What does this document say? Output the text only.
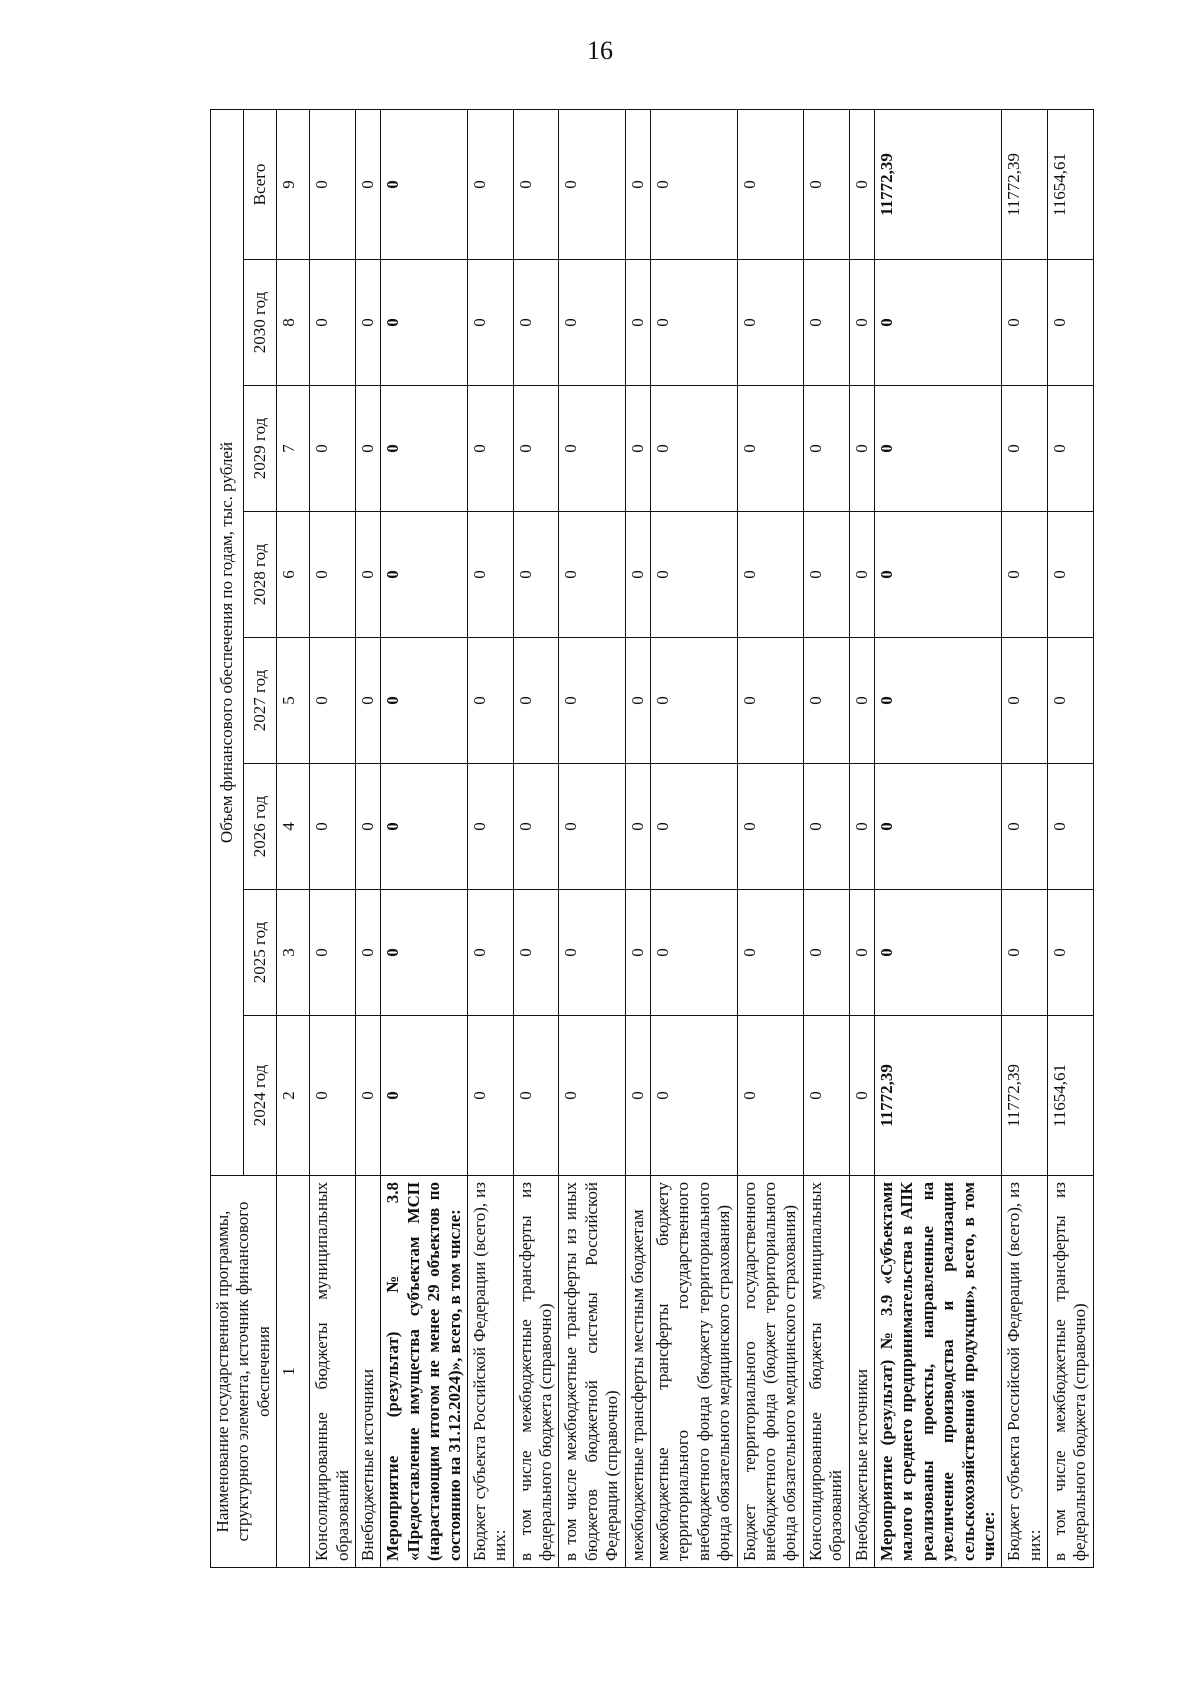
16
Наименование государственной программы, структурного элемента, источник финансового обеспечения	Объем финансового обеспечения по годам, тыс. рублей							
	2024 год	2025 год	2026 год	2027 год	2028 год	2029 год	2030 год	Всего
1	2	3	4	5	6	7	8	9
Консолидированные бюджеты муниципальных образований	0	0	0	0	0	0	0	0
Внебюджетные источники	0	0	0	0	0	0	0	0
Мероприятие (результат) № 3.8 «Предоставление имущества субъектам МСП (нарастающим итогом не менее 29 объектов по состоянию на 31.12.2024)», всего, в том числе:	0	0	0	0	0	0	0	0
Бюджет субъекта Российской Федерации (всего), из них:	0	0	0	0	0	0	0	0
в том числе межбюджетные трансферты из федерального бюджета (справочно)	0	0	0	0	0	0	0	0
в том числе межбюджетные трансферты из иных бюджетов бюджетной системы Российской Федерации (справочно)	0	0	0	0	0	0	0	0
межбюджетные трансферты местным бюджетам	0	0	0	0	0	0	0	0
межбюджетные трансферты бюджету территориального государственного внебюджетного фонда (бюджету территориального фонда обязательного медицинского страхования)	0	0	0	0	0	0	0	0
Бюджет территориального государственного внебюджетного фонда (бюджет территориального фонда обязательного медицинского страхования)	0	0	0	0	0	0	0	0
Консолидированные бюджеты муниципальных образований	0	0	0	0	0	0	0	0
Внебюджетные источники	0	0	0	0	0	0	0	0
Мероприятие (результат) № 3.9 «Субъектами малого и среднего предпринимательства в АПК реализованы проекты, направленные на увеличение производства и реализации сельскохозяйственной продукции», всего, в том числе:	11772,39	0	0	0	0	0	0	11772,39
Бюджет субъекта Российской Федерации (всего), из них:	11772,39	0	0	0	0	0	0	11772,39
в том числе межбюджетные трансферты из федерального бюджета (справочно)	11654,61	0	0	0	0	0	0	11654,61
